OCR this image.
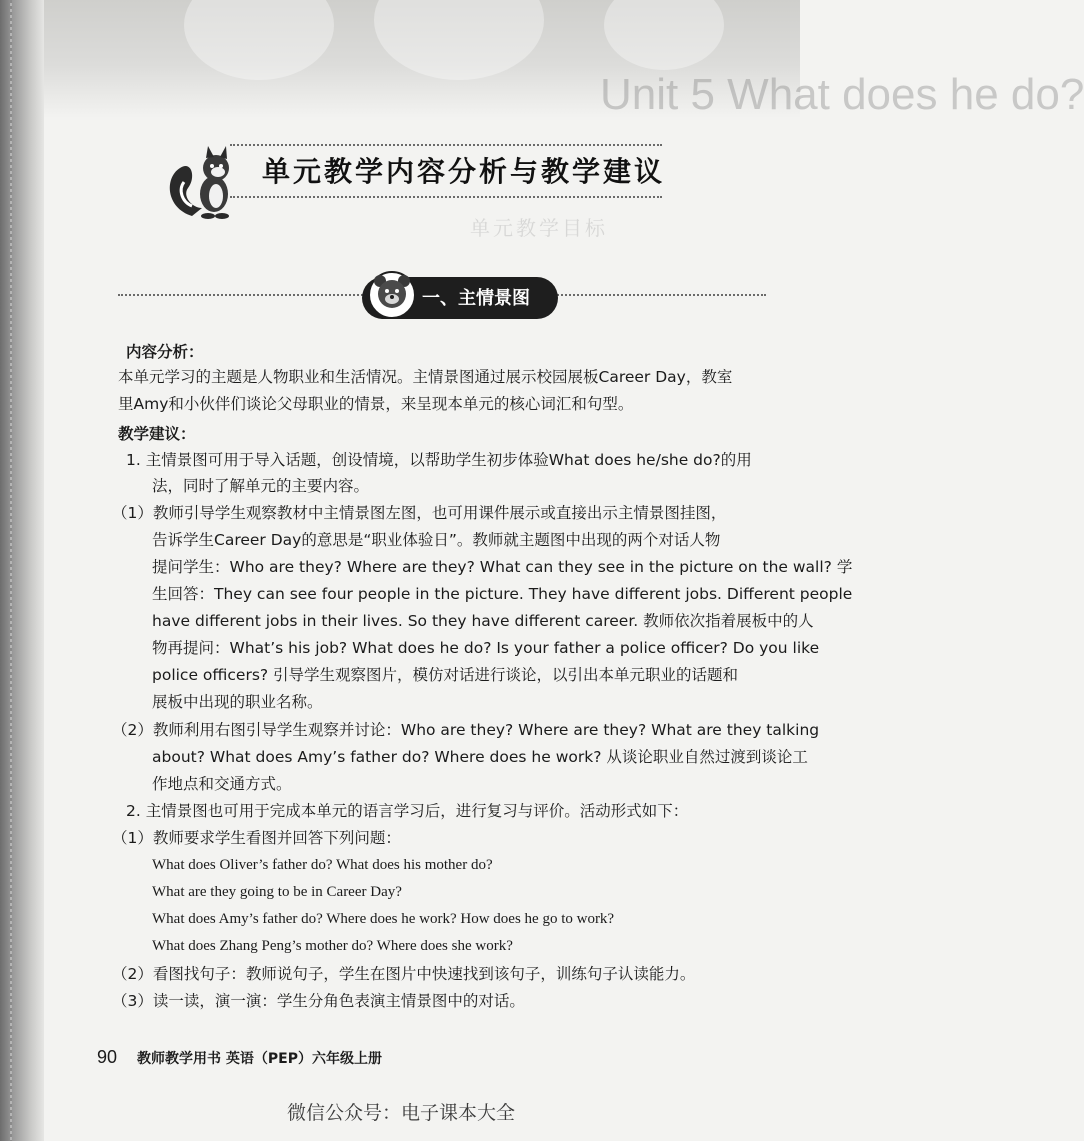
Unit 5 What does he do?
单元教学内容分析与教学建议
单元教学目标
一、主情景图
内容分析：
本单元学习的主题是人物职业和生活情况。主情景图通过展示校园展板Career Day，教室
里Amy和小伙伴们谈论父母职业的情景，来呈现本单元的核心词汇和句型。
教学建议：
1. 主情景图可用于导入话题，创设情境，以帮助学生初步体验What does he/she do?的用
法，同时了解单元的主要内容。
（1）教师引导学生观察教材中主情景图左图，也可用课件展示或直接出示主情景图挂图，
告诉学生Career Day的意思是“职业体验日”。教师就主题图中出现的两个对话人物
提问学生：Who are they? Where are they? What can they see in the picture on the wall? 学
生回答：They can see four people in the picture. They have different jobs. Different people
have different jobs in their lives. So they have different career. 教师依次指着展板中的人
物再提问：What’s his job? What does he do? Is your father a police officer? Do you like
police officers? 引导学生观察图片，模仿对话进行谈论，以引出本单元职业的话题和
展板中出现的职业名称。
（2）教师利用右图引导学生观察并讨论：Who are they? Where are they? What are they talking
about? What does Amy’s father do? Where does he work? 从谈论职业自然过渡到谈论工
作地点和交通方式。
2. 主情景图也可用于完成本单元的语言学习后，进行复习与评价。活动形式如下：
（1）教师要求学生看图并回答下列问题：
What does Oliver’s father do? What does his mother do?
What are they going to be in Career Day?
What does Amy’s father do? Where does he work? How does he go to work?
What does Zhang Peng’s mother do? Where does she work?
（2）看图找句子：教师说句子，学生在图片中快速找到该句子，训练句子认读能力。
（3）读一读，演一演：学生分角色表演主情景图中的对话。
90 教师教学用书 英语（PEP）六年级上册
微信公众号：电子课本大全
